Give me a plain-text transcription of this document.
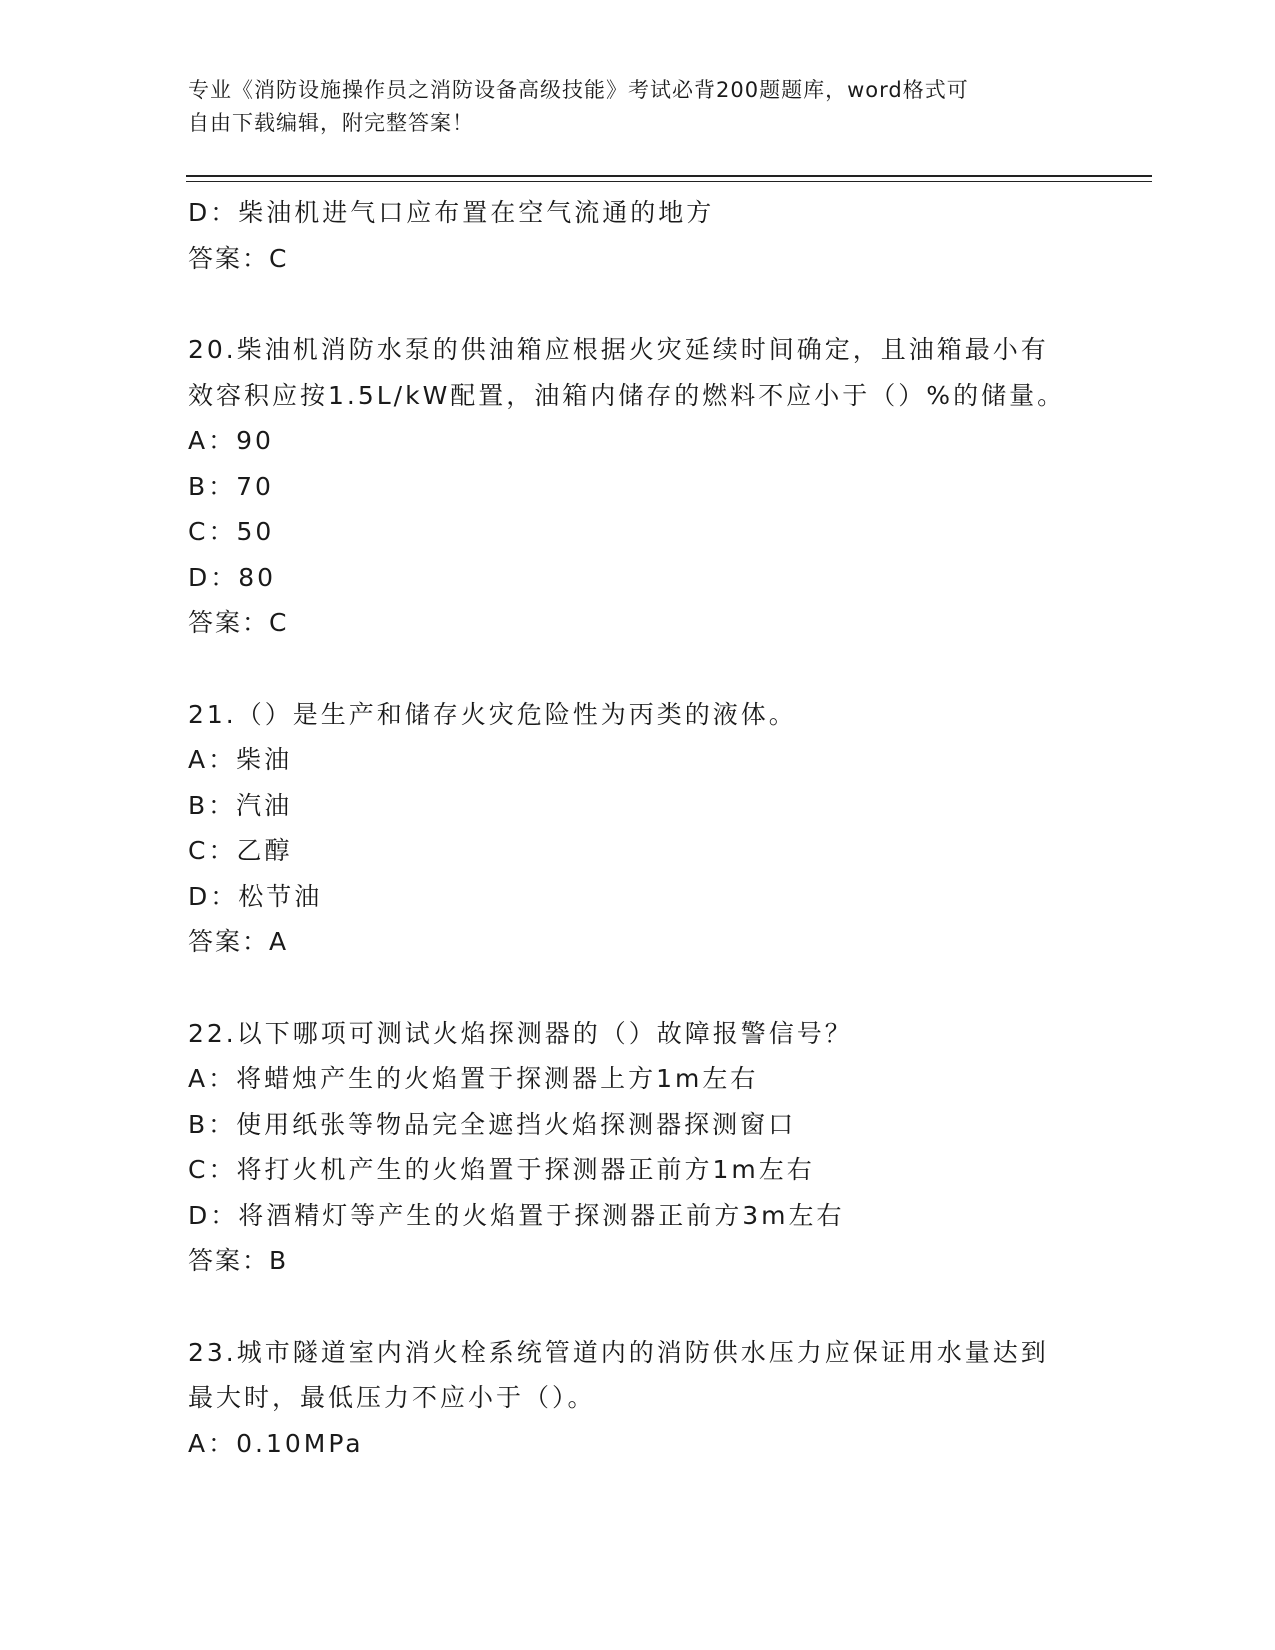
专业《消防设施操作员之消防设备高级技能》考试必背200题题库，word格式可
自由下载编辑，附完整答案！
D：柴油机进气口应布置在空气流通的地方
答案：C
20.柴油机消防水泵的供油箱应根据火灾延续时间确定，且油箱最小有
效容积应按1.5L/kW配置，油箱内储存的燃料不应小于（）%的储量。
A：90
B：70
C：50
D：80
答案：C
21.（）是生产和储存火灾危险性为丙类的液体。
A：柴油
B：汽油
C：乙醇
D：松节油
答案：A
22.以下哪项可测试火焰探测器的（）故障报警信号？
A：将蜡烛产生的火焰置于探测器上方1m左右
B：使用纸张等物品完全遮挡火焰探测器探测窗口
C：将打火机产生的火焰置于探测器正前方1m左右
D：将酒精灯等产生的火焰置于探测器正前方3m左右
答案：B
23.城市隧道室内消火栓系统管道内的消防供水压力应保证用水量达到
最大时，最低压力不应小于（）。
A：0.10MPa
